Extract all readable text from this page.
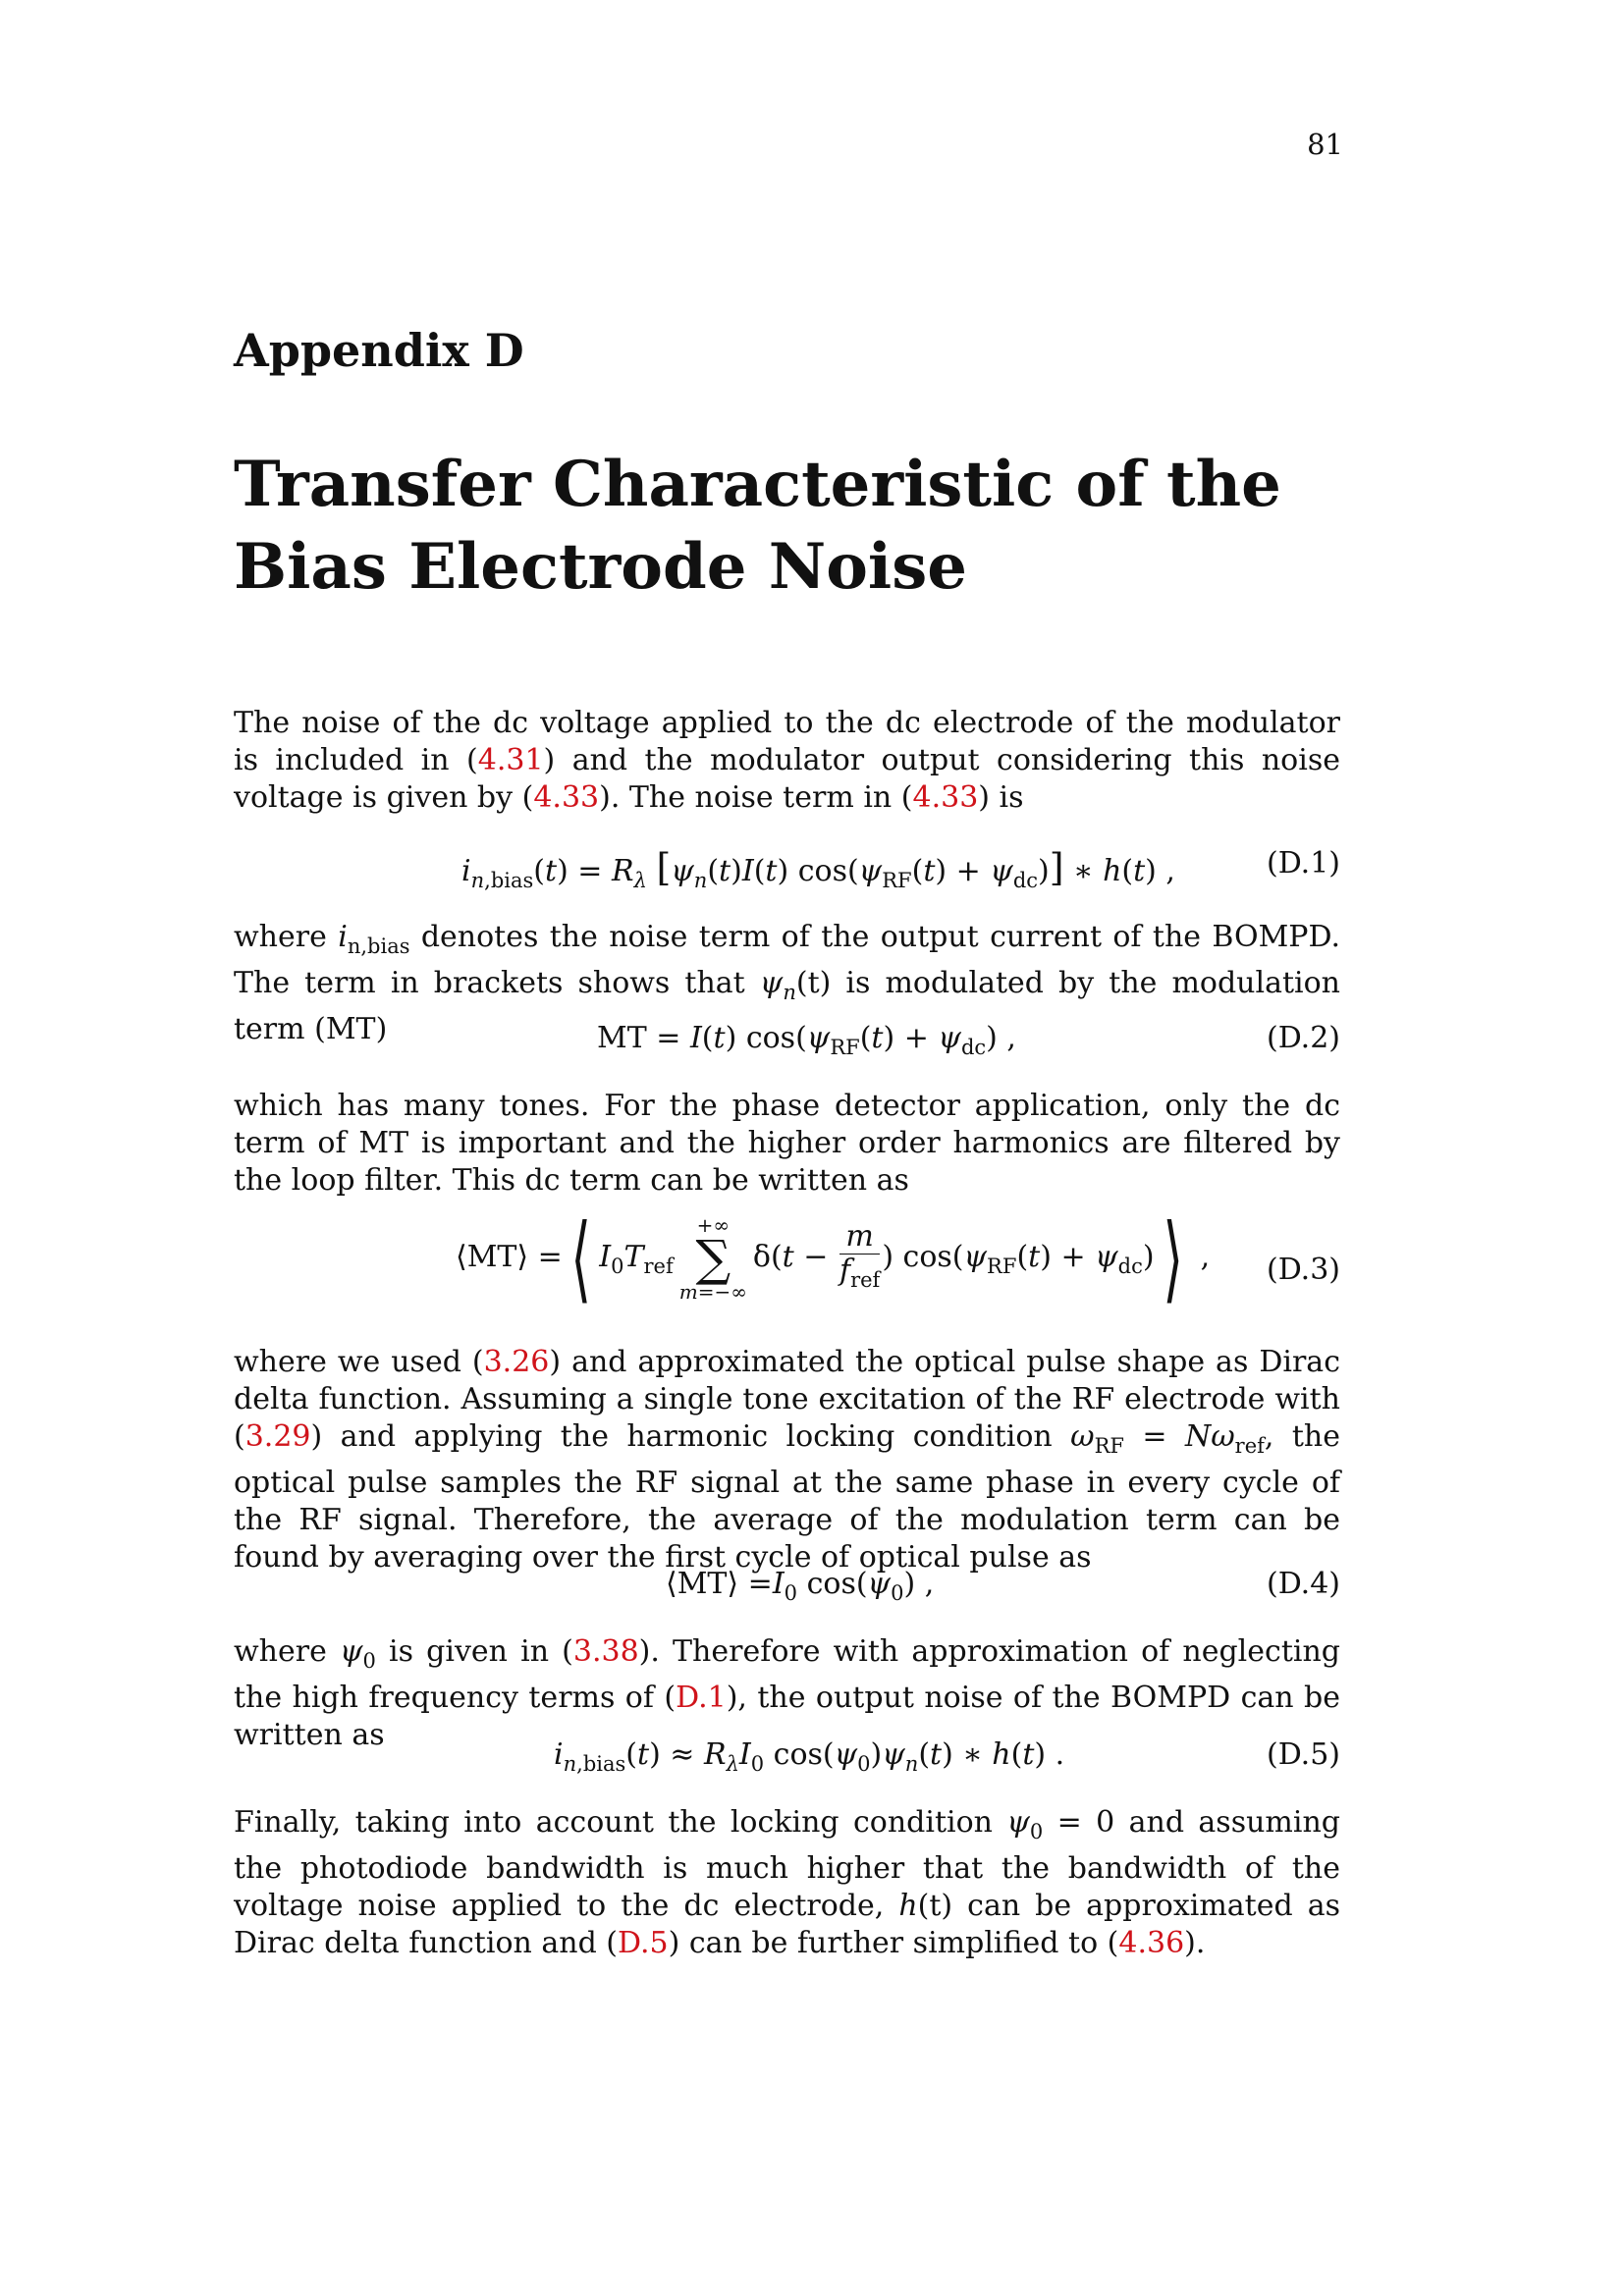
81
Appendix D
Transfer Characteristic of the Bias Electrode Noise

The noise of the dc voltage applied to the dc electrode of the modulator is included in (4.31) and the modulator output considering this noise voltage is given by (4.33). The noise term in (4.33) is

$i_{n,bias}(t) = R_\lambda$ $[\psi_n(t)I(t) \cos(\psi_{RF}(t) + \psi_{dc})]$ ∗ h(t) ,	(D.1)

where $i_{n,bias}$ denotes the noise term of the output current of the BOMPD. The term in brackets shows that $\psi_n(t)$ is modulated by the modulation term (MT)	MT = I(t) $\cos(\psi_{RF}(t) + \psi_{dc})$ ,	(D.2)

which has many tones. For the phase detector application, only the dc term of MT is important and the higher order harmonics are filtered by the loop filter. This dc term can be written as

⟨MT⟩ =⟨ $I_0T_{ref}$
+∞
∑
m=−∞
$\delta(t - \frac{m}{f_{ref}}$ ) $\cos(\psi_{RF}(t)$ + $\psi_{dc})⟩$ , (D.3)

where we used (3.26) and approximated the optical pulse shape as Dirac delta function. Assuming a single tone excitation of the RF electrode with (3.29) and applying the harmonic locking condition $\omega_{RF} = N\omega_{ref}$, the optical pulse samples the RF signal at the same phase in every cycle of the RF signal. Therefore, the average of the modulation term can be found by averaging over the first cycle of optical pulse as

⟨MT⟩ $=I_0$ $\cos(\psi_0)$ ,	(D.4)

where $\psi_0$ is given in (3.38). Therefore with approximation of neglecting the high frequency terms of (D.1), the output noise of the BOMPD can be written as

$i_{n,bias}(t) \approx R_\lambda I_0$ $\cos(\psi_0)\psi_n(t)$ ∗ h(t) .	(D.5)

Finally, taking into account the locking condition $\psi_0 = 0$ and assuming the photodiode bandwidth is much higher that the bandwidth of the voltage noise applied to the dc electrode, h(t) can be approximated as Dirac delta function and (D.5) can be further simplified to (4.36).
